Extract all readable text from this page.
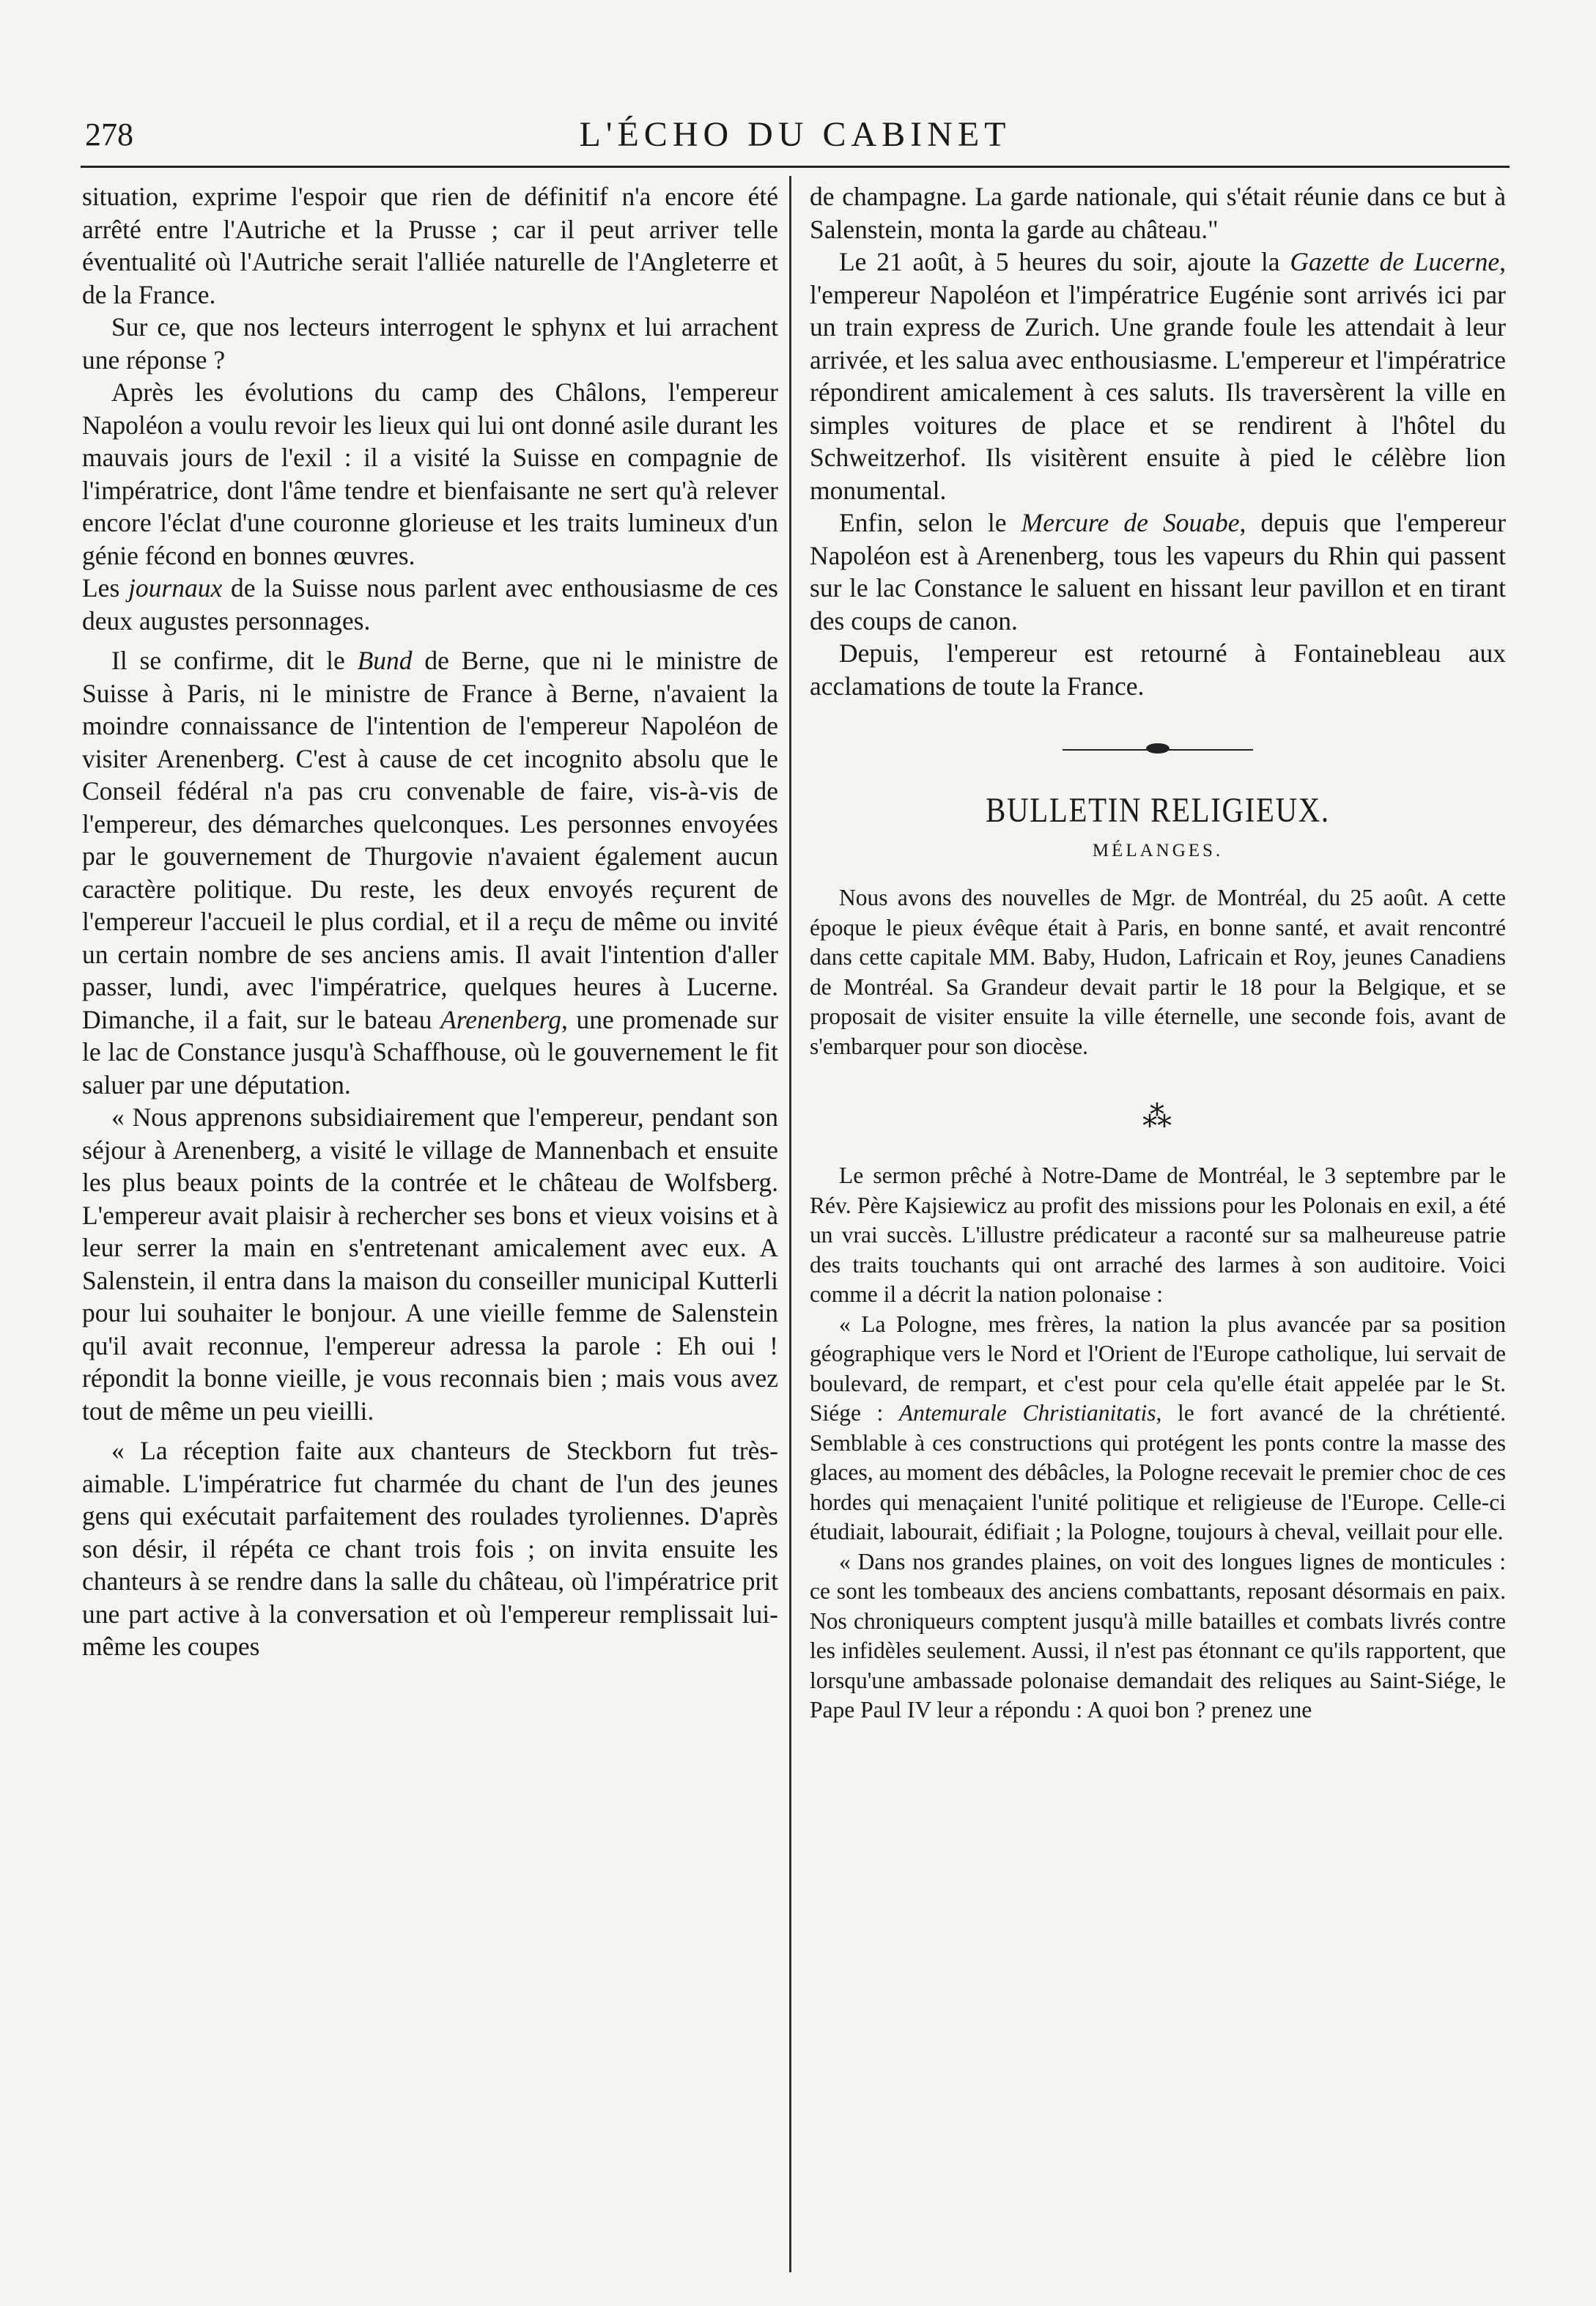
278	L'ÉCHO DU CABINET

situation, exprime l'espoir que rien de définitif n'a encore été arrêté entre l'Autriche et la Prusse ; car il peut arriver telle éventualité où l'Autriche serait l'alliée naturelle de l'Angleterre et de la France.

Sur ce, que nos lecteurs interrogent le sphynx et lui arrachent une réponse ?

Après les évolutions du camp des Châlons, l'empereur Napoléon a voulu revoir les lieux qui lui ont donné asile durant les mauvais jours de l'exil : il a visité la Suisse en compagnie de l'impératrice, dont l'âme tendre et bienfaisante ne sert qu'à relever encore l'éclat d'une couronne glorieuse et les traits lumineux d'un génie fécond en bonnes œuvres.

Les journaux de la Suisse nous parlent avec enthousiasme de ces deux augustes personnages.

Il se confirme, dit le Bund de Berne, que ni le ministre de Suisse à Paris, ni le ministre de France à Berne, n'avaient la moindre connaissance de l'intention de l'empereur Napoléon de visiter Arenenberg. C'est à cause de cet incognito absolu que le Conseil fédéral n'a pas cru convenable de faire, vis-à-vis de l'empereur, des démarches quelconques. Les personnes envoyées par le gouvernement de Thurgovie n'avaient également aucun caractère politique. Du reste, les deux envoyés reçurent de l'empereur l'accueil le plus cordial, et il a reçu de même ou invité un certain nombre de ses anciens amis. Il avait l'intention d'aller passer, lundi, avec l'impératrice, quelques heures à Lucerne. Dimanche, il a fait, sur le bateau Arenenberg, une promenade sur le lac de Constance jusqu'à Schaffhouse, où le gouvernement le fit saluer par une députation.

« Nous apprenons subsidiairement que l'empereur, pendant son séjour à Arenenberg, a visité le village de Mannenbach et ensuite les plus beaux points de la contrée et le château de Wolfsberg. L'empereur avait plaisir à rechercher ses bons et vieux voisins et à leur serrer la main en s'entretenant amicalement avec eux. A Salenstein, il entra dans la maison du conseiller municipal Kutterli pour lui souhaiter le bonjour. A une vieille femme de Salenstein qu'il avait reconnue, l'empereur adressa la parole : Eh oui ! répondit la bonne vieille, je vous reconnais bien ; mais vous avez tout de même un peu vieilli.

« La réception faite aux chanteurs de Steckborn fut très-aimable. L'impératrice fut charmée du chant de l'un des jeunes gens qui exécutait parfaitement des roulades tyroliennes. D'après son désir, il répéta ce chant trois fois ; on invita ensuite les chanteurs à se rendre dans la salle du château, où l'impératrice prit une part active à la conversation et où l'empereur remplissait lui-même les coupes

de champagne. La garde nationale, qui s'était réunie dans ce but à Salenstein, monta la garde au château."

Le 21 août, à 5 heures du soir, ajoute la Gazette de Lucerne, l'empereur Napoléon et l'impératrice Eugénie sont arrivés ici par un train express de Zurich. Une grande foule les attendait à leur arrivée, et les salua avec enthousiasme. L'empereur et l'impératrice répondirent amicalement à ces saluts. Ils traversèrent la ville en simples voitures de place et se rendirent à l'hôtel du Schweitzerhof. Ils visitèrent ensuite à pied le célèbre lion monumental.

Enfin, selon le Mercure de Souabe, depuis que l'empereur Napoléon est à Arenenberg, tous les vapeurs du Rhin qui passent sur le lac Constance le saluent en hissant leur pavillon et en tirant des coups de canon.

Depuis, l'empereur est retourné à Fontainebleau aux acclamations de toute la France.

BULLETIN RELIGIEUX.
MÉLANGES.

Nous avons des nouvelles de Mgr. de Montréal, du 25 août. A cette époque le pieux évêque était à Paris, en bonne santé, et avait rencontré dans cette capitale MM. Baby, Hudon, Lafricain et Roy, jeunes Canadiens de Montréal. Sa Grandeur devait partir le 18 pour la Belgique, et se proposait de visiter ensuite la ville éternelle, une seconde fois, avant de s'embarquer pour son diocèse.

⁂

Le sermon prêché à Notre-Dame de Montréal, le 3 septembre par le Rév. Père Kajsiewicz au profit des missions pour les Polonais en exil, a été un vrai succès. L'illustre prédicateur a raconté sur sa malheureuse patrie des traits touchants qui ont arraché des larmes à son auditoire. Voici comme il a décrit la nation polonaise :

« La Pologne, mes frères, la nation la plus avancée par sa position géographique vers le Nord et l'Orient de l'Europe catholique, lui servait de boulevard, de rempart, et c'est pour cela qu'elle était appelée par le St. Siége : Antemurale Christianitatis, le fort avancé de la chrétienté. Semblable à ces constructions qui protégent les ponts contre la masse des glaces, au moment des débâcles, la Pologne recevait le premier choc de ces hordes qui menaçaient l'unité politique et religieuse de l'Europe. Celle-ci étudiait, labourait, édifiait ; la Pologne, toujours à cheval, veillait pour elle.

« Dans nos grandes plaines, on voit des longues lignes de monticules : ce sont les tombeaux des anciens combattants, reposant désormais en paix. Nos chroniqueurs comptent jusqu'à mille batailles et combats livrés contre les infidèles seulement. Aussi, il n'est pas étonnant ce qu'ils rapportent, que lorsqu'une ambassade polonaise demandait des reliques au Saint-Siége, le Pape Paul IV leur a répondu : A quoi bon ? prenez une
